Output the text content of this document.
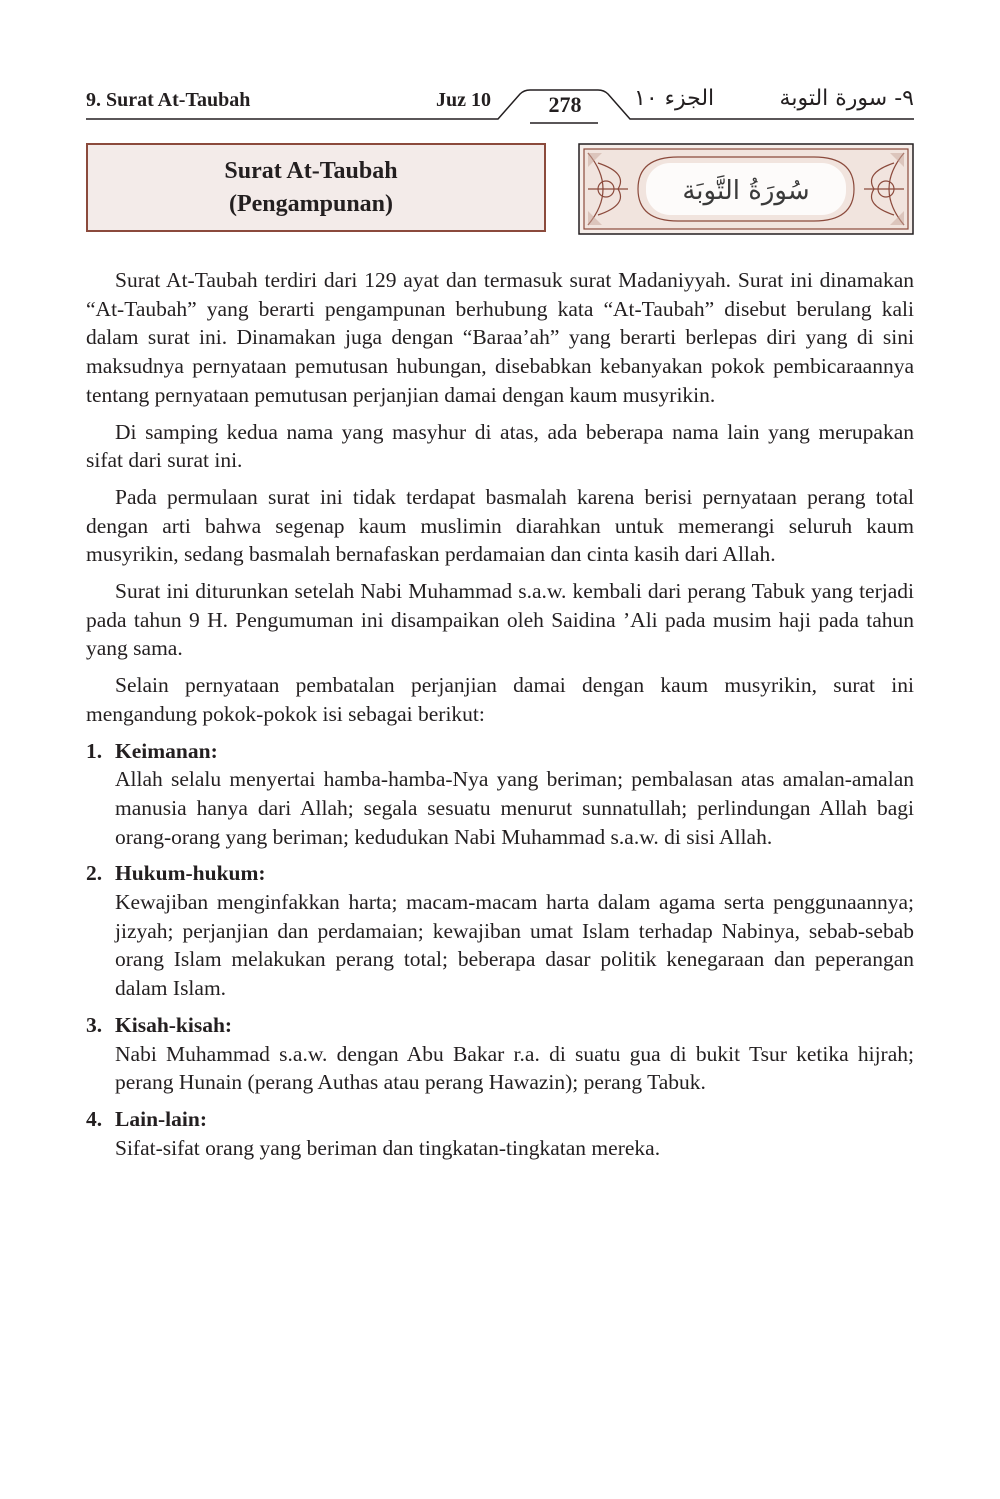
9. Surat At-Taubah	Juz 10	278	الجزء ١٠	٩- سورة التوبة
Surat At-Taubah
(Pengampunan)	سُورَةُ التَّوبَة

Surat At-Taubah terdiri dari 129 ayat dan termasuk surat Madaniyyah. Surat ini dinamakan “At-Taubah” yang berarti pengampunan berhubung kata “At-Taubah” disebut berulang kali dalam surat ini. Dinamakan juga dengan “Baraa’ah” yang berarti berlepas diri yang di sini maksudnya pernyataan pemutusan hubungan, disebabkan kebanyakan pokok pembicaraannya tentang pernyataan pemutusan perjanjian damai dengan kaum musyrikin.

Di samping kedua nama yang masyhur di atas, ada beberapa nama lain yang merupakan sifat dari surat ini.

Pada permulaan surat ini tidak terdapat basmalah karena berisi pernyataan perang total dengan arti bahwa segenap kaum muslimin diarahkan untuk memerangi seluruh kaum musyrikin, sedang basmalah bernafaskan perdamaian dan cinta kasih dari Allah.

Surat ini diturunkan setelah Nabi Muhammad s.a.w. kembali dari perang Tabuk yang terjadi pada tahun 9 H. Pengumuman ini disampaikan oleh Saidina ’Ali pada musim haji pada tahun yang sama.

Selain pernyataan pembatalan perjanjian damai dengan kaum musyrikin, surat ini mengandung pokok-pokok isi sebagai berikut:

1. Keimanan:
Allah selalu menyertai hamba-hamba-Nya yang beriman; pembalasan atas amalan-amalan manusia hanya dari Allah; segala sesuatu menurut sunnatullah; perlindungan Allah bagi orang-orang yang beriman; kedudukan Nabi Muhammad s.a.w. di sisi Allah.
2. Hukum-hukum:
Kewajiban menginfakkan harta; macam-macam harta dalam agama serta penggunaannya; jizyah; perjanjian dan perdamaian; kewajiban umat Islam terhadap Nabinya, sebab-sebab orang Islam melakukan perang total; beberapa dasar politik kenegaraan dan peperangan dalam Islam.
3. Kisah-kisah:
Nabi Muhammad s.a.w. dengan Abu Bakar r.a. di suatu gua di bukit Tsur ketika hijrah; perang Hunain (perang Authas atau perang Hawazin); perang Tabuk.
4. Lain-lain:
Sifat-sifat orang yang beriman dan tingkatan-tingkatan mereka.
